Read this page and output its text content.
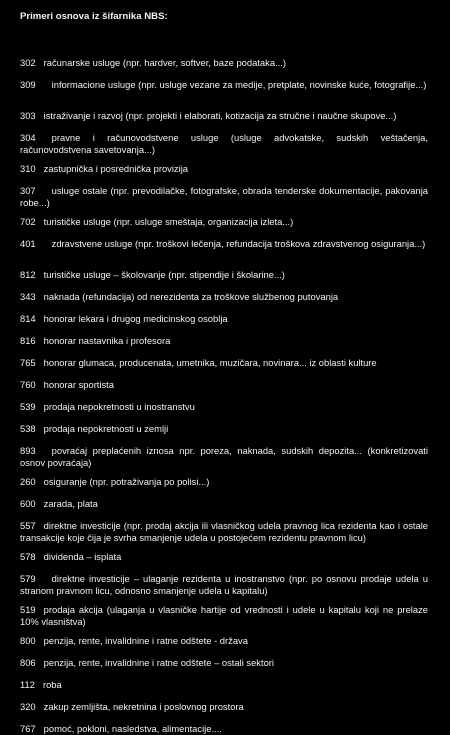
Primeri osnova iz šifarnika NBS:

302 računarske usluge (npr. hardver, softver, baze podataka...)
309 informacione usluge (npr. usluge vezane za medije, pretplate, novinske kuće, fotografije...)
303 istraživanje i razvoj (npr. projekti i elaborati, kotizacija za stručne i naučne skupove...)
304 pravne i računovodstvene usluge (usluge advokatske, sudskih veštačenja, računovodstvena savetovanja...)
310 zastupnička i posrednička provizija
307 usluge ostale (npr. prevodilačke, fotografske, obrada tenderske dokumentacije, pakovanja robe...)
702 turističke usluge (npr. usluge smeštaja, organizacija izleta...)
401 zdravstvene usluge (npr. troškovi lečenja, refundacija troškova zdravstvenog osiguranja...)
812 turističke usluge – školovanje (npr. stipendije i školarine...)
343 naknada (refundacija) od nerezidenta za troškove službenog putovanja
814 honorar lekara i drugog medicinskog osoblja
816 honorar nastavnika i profesora
765 honorar glumaca, producenata, umetnika, muzičara, novinara... iz oblasti kulture
760 honorar sportista
539 prodaja nepokretnosti u inostranstvu
538 prodaja nepokretnosti u zemlji
893 povraćaj preplaćenih iznosa npr. poreza, naknada, sudskih depozita... (konkretizovati osnov povraćaja)
260 osiguranje (npr. potraživanja po polisi...)
600 zarada, plata
557 direktne investicije (npr. prodaj akcija ili vlasničkog udela pravnog lica rezidenta kao i ostale transakcije koje čija je svrha smanjenje udela u postojećem rezidentu pravnom licu)
578 dividenda – isplata
579 direktne investicije – ulaganje rezidenta u inostranstvo (npr. po osnovu prodaje udela u stranom pravnom licu, odnosno smanjenje udela u kapitalu)
519 prodaja akcija (ulaganja u vlasničke hartije od vrednosti i udele u kapitalu koji ne prelaze 10% vlasništva)
800 penzija, rente, invalidnine i ratne odštete - država
806 penzija, rente, invalidnine i ratne odštete – ostali sektori
112 roba
320 zakup zemljišta, nekretnina i poslovnog prostora
767 pomoć, pokloni, nasledstva, alimentacije....
